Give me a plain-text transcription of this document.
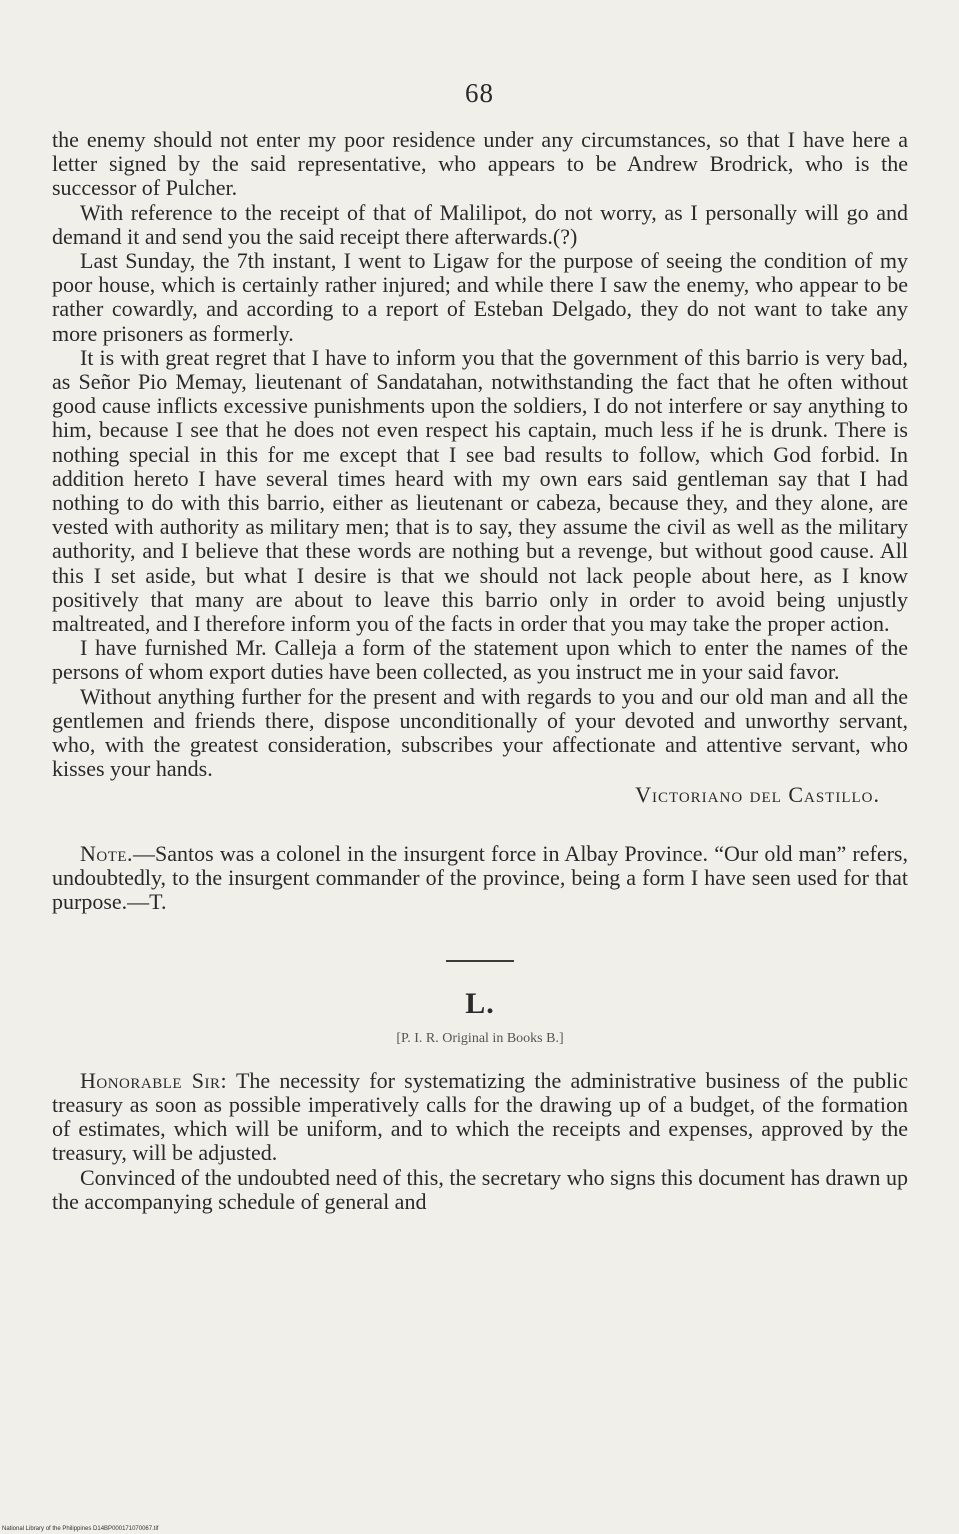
68

the enemy should not enter my poor residence under any circumstances, so that I have here a letter signed by the said representative, who appears to be Andrew Brodrick, who is the successor of Pulcher.

With reference to the receipt of that of Malilipot, do not worry, as I personally will go and demand it and send you the said receipt there afterwards.(?)

Last Sunday, the 7th instant, I went to Ligaw for the purpose of seeing the condition of my poor house, which is certainly rather injured; and while there I saw the enemy, who appear to be rather cowardly, and according to a report of Esteban Delgado, they do not want to take any more prisoners as formerly.

It is with great regret that I have to inform you that the government of this barrio is very bad, as Señor Pio Memay, lieutenant of Sandatahan, notwithstanding the fact that he often without good cause inflicts excessive punishments upon the soldiers, I do not interfere or say anything to him, because I see that he does not even respect his captain, much less if he is drunk. There is nothing special in this for me except that I see bad results to follow, which God forbid. In addition hereto I have several times heard with my own ears said gentleman say that I had nothing to do with this barrio, either as lieutenant or cabeza, because they, and they alone, are vested with authority as military men; that is to say, they assume the civil as well as the military authority, and I believe that these words are nothing but a revenge, but without good cause. All this I set aside, but what I desire is that we should not lack people about here, as I know positively that many are about to leave this barrio only in order to avoid being unjustly maltreated, and I therefore inform you of the facts in order that you may take the proper action.

I have furnished Mr. Calleja a form of the statement upon which to enter the names of the persons of whom export duties have been collected, as you instruct me in your said favor.

Without anything further for the present and with regards to you and our old man and all the gentlemen and friends there, dispose unconditionally of your devoted and unworthy servant, who, with the greatest consideration, subscribes your affectionate and attentive servant, who kisses your hands.

Victoriano del Castillo.

Note.—Santos was a colonel in the insurgent force in Albay Province. “Our old man” refers, undoubtedly, to the insurgent commander of the province, being a form I have seen used for that purpose.—T.

L.
[P. I. R. Original in Books B.]

Honorable Sir: The necessity for systematizing the administrative business of the public treasury as soon as possible imperatively calls for the drawing up of a budget, of the formation of estimates, which will be uniform, and to which the receipts and expenses, approved by the treasury, will be adjusted.

Convinced of the undoubted need of this, the secretary who signs this document has drawn up the accompanying schedule of general and

National Library of the Philippines D14BP000171070067.tif
